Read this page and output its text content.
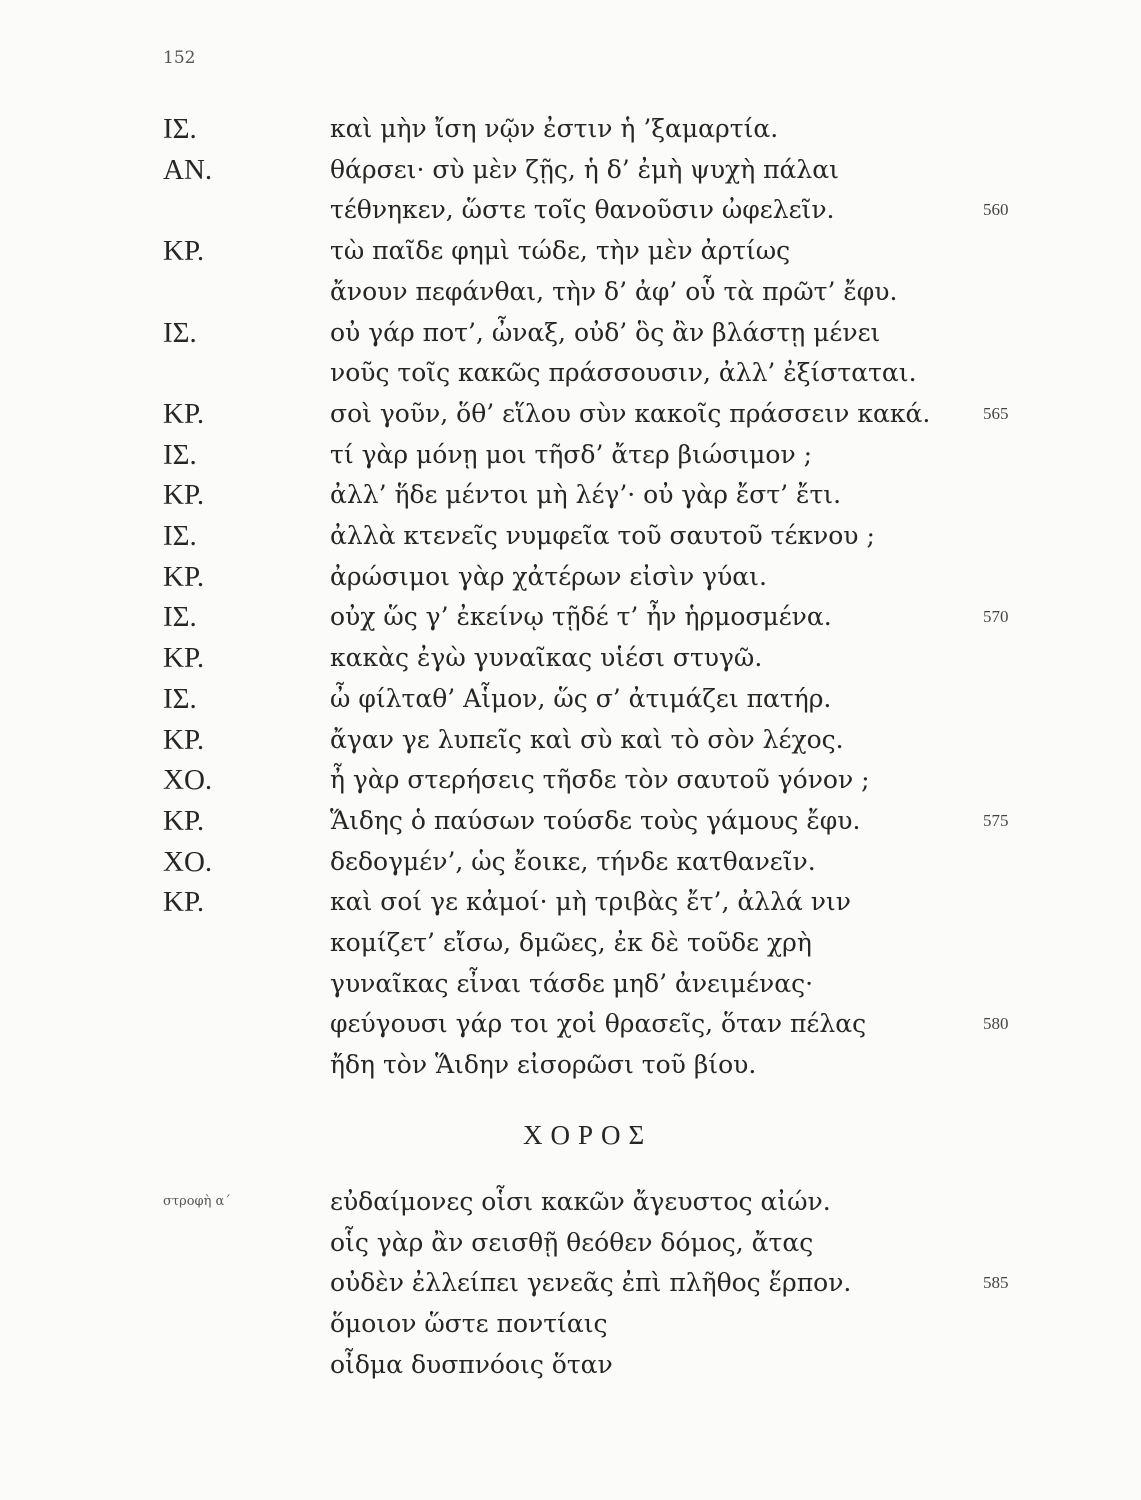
152
ΙΣ.	καὶ μὴν ἴση νῷν ἐστιν ἡ ’ξαμαρτία.
ΑΝ.	θάρσει· σὺ μὲν ζῇς, ἡ δ’ ἐμὴ ψυχὴ πάλαι
τέθνηκεν, ὥστε τοῖς θανοῦσιν ὠφελεῖν.	560
ΚΡ.	τὼ παῖδε φημὶ τώδε, τὴν μὲν ἀρτίως
ἄνουν πεφάνθαι, τὴν δ’ ἀφ’ οὗ τὰ πρῶτ’ ἔφυ.
ΙΣ.	οὐ γάρ ποτ’, ὦναξ, οὐδ’ ὃς ἂν βλάστῃ μένει
νοῦς τοῖς κακῶς πράσσουσιν, ἀλλ’ ἐξίσταται.
ΚΡ.	σοὶ γοῦν, ὅθ’ εἵλου σὺν κακοῖς πράσσειν κακά.	565
ΙΣ.	τί γὰρ μόνῃ μοι τῆσδ’ ἄτερ βιώσιμον ;
ΚΡ.	ἀλλ’ ἥδε μέντοι μὴ λέγ’· οὐ γὰρ ἔστ’ ἔτι.
ΙΣ.	ἀλλὰ κτενεῖς νυμφεῖα τοῦ σαυτοῦ τέκνου ;
ΚΡ.	ἀρώσιμοι γὰρ χἀτέρων εἰσὶν γύαι.
ΙΣ.	οὐχ ὥς γ’ ἐκείνῳ τῇδέ τ’ ἦν ἡρμοσμένα.	570
ΚΡ.	κακὰς ἐγὼ γυναῖκας υἱέσι στυγῶ.
ΙΣ.	ὦ φίλταθ’ Αἷμον, ὥς σ’ ἀτιμάζει πατήρ.
ΚΡ.	ἄγαν γε λυπεῖς καὶ σὺ καὶ τὸ σὸν λέχος.
ΧΟ.	ἦ γὰρ στερήσεις τῆσδε τὸν σαυτοῦ γόνον ;
ΚΡ.	Ἅιδης ὁ παύσων τούσδε τοὺς γάμους ἔφυ.	575
ΧΟ.	δεδογμέν’, ὡς ἔοικε, τήνδε κατθανεῖν.
ΚΡ.	καὶ σοί γε κἀμοί· μὴ τριβὰς ἔτ’, ἀλλά νιν
κομίζετ’ εἴσω, δμῶες, ἐκ δὲ τοῦδε χρὴ
γυναῖκας εἶναι τάσδε μηδ’ ἀνειμένας·
φεύγουσι γάρ τοι χοἰ θρασεῖς, ὅταν πέλας	580
ἤδη τὸν Ἅιδην εἰσορῶσι τοῦ βίου.
ΧΟΡΟΣ
στροφὴ α΄	εὐδαίμονες οἷσι κακῶν ἄγευστος αἰών.
οἷς γὰρ ἂν σεισθῇ θεόθεν δόμος, ἄτας
οὐδὲν ἐλλείπει γενεᾶς ἐπὶ πλῆθος ἕρπον.	585
ὅμοιον ὥστε ποντίαις
οἶδμα δυσπνόοις ὅταν
